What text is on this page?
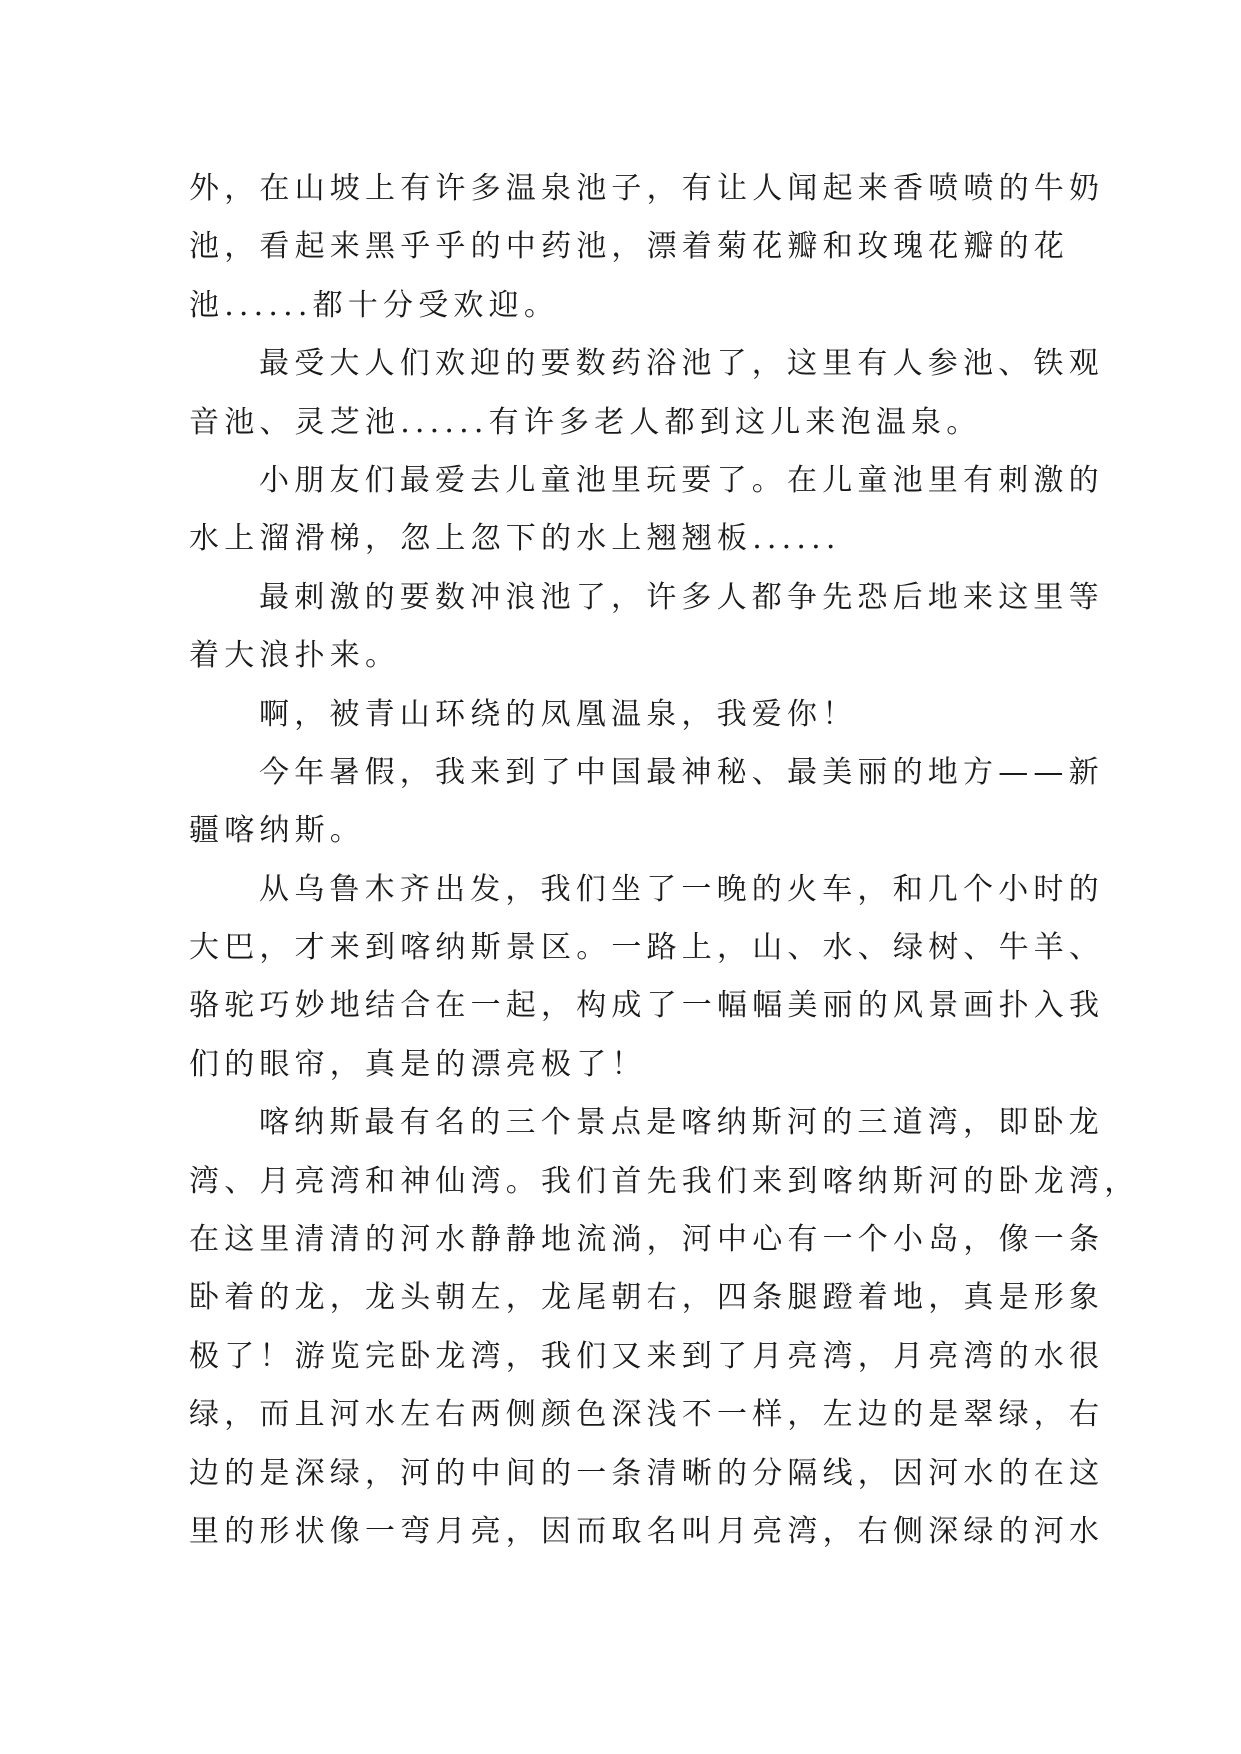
外，在山坡上有许多温泉池子，有让人闻起来香喷喷的牛奶
池，看起来黑乎乎的中药池，漂着菊花瓣和玫瑰花瓣的花
池......都十分受欢迎。
最受大人们欢迎的要数药浴池了，这里有人参池、铁观
音池、灵芝池......有许多老人都到这儿来泡温泉。
小朋友们最爱去儿童池里玩要了。在儿童池里有刺激的
水上溜滑梯，忽上忽下的水上翘翘板......
最刺激的要数冲浪池了，许多人都争先恐后地来这里等
着大浪扑来。
啊，被青山环绕的凤凰温泉，我爱你！
今年暑假，我来到了中国最神秘、最美丽的地方——新
疆喀纳斯。
从乌鲁木齐出发，我们坐了一晚的火车，和几个小时的
大巴，才来到喀纳斯景区。一路上，山、水、绿树、牛羊、
骆驼巧妙地结合在一起，构成了一幅幅美丽的风景画扑入我
们的眼帘，真是的漂亮极了！
喀纳斯最有名的三个景点是喀纳斯河的三道湾，即卧龙
湾、月亮湾和神仙湾。我们首先我们来到喀纳斯河的卧龙湾，
在这里清清的河水静静地流淌，河中心有一个小岛，像一条
卧着的龙，龙头朝左，龙尾朝右，四条腿蹬着地，真是形象
极了！游览完卧龙湾，我们又来到了月亮湾，月亮湾的水很
绿，而且河水左右两侧颜色深浅不一样，左边的是翠绿，右
边的是深绿，河的中间的一条清晰的分隔线，因河水的在这
里的形状像一弯月亮，因而取名叫月亮湾，右侧深绿的河水
